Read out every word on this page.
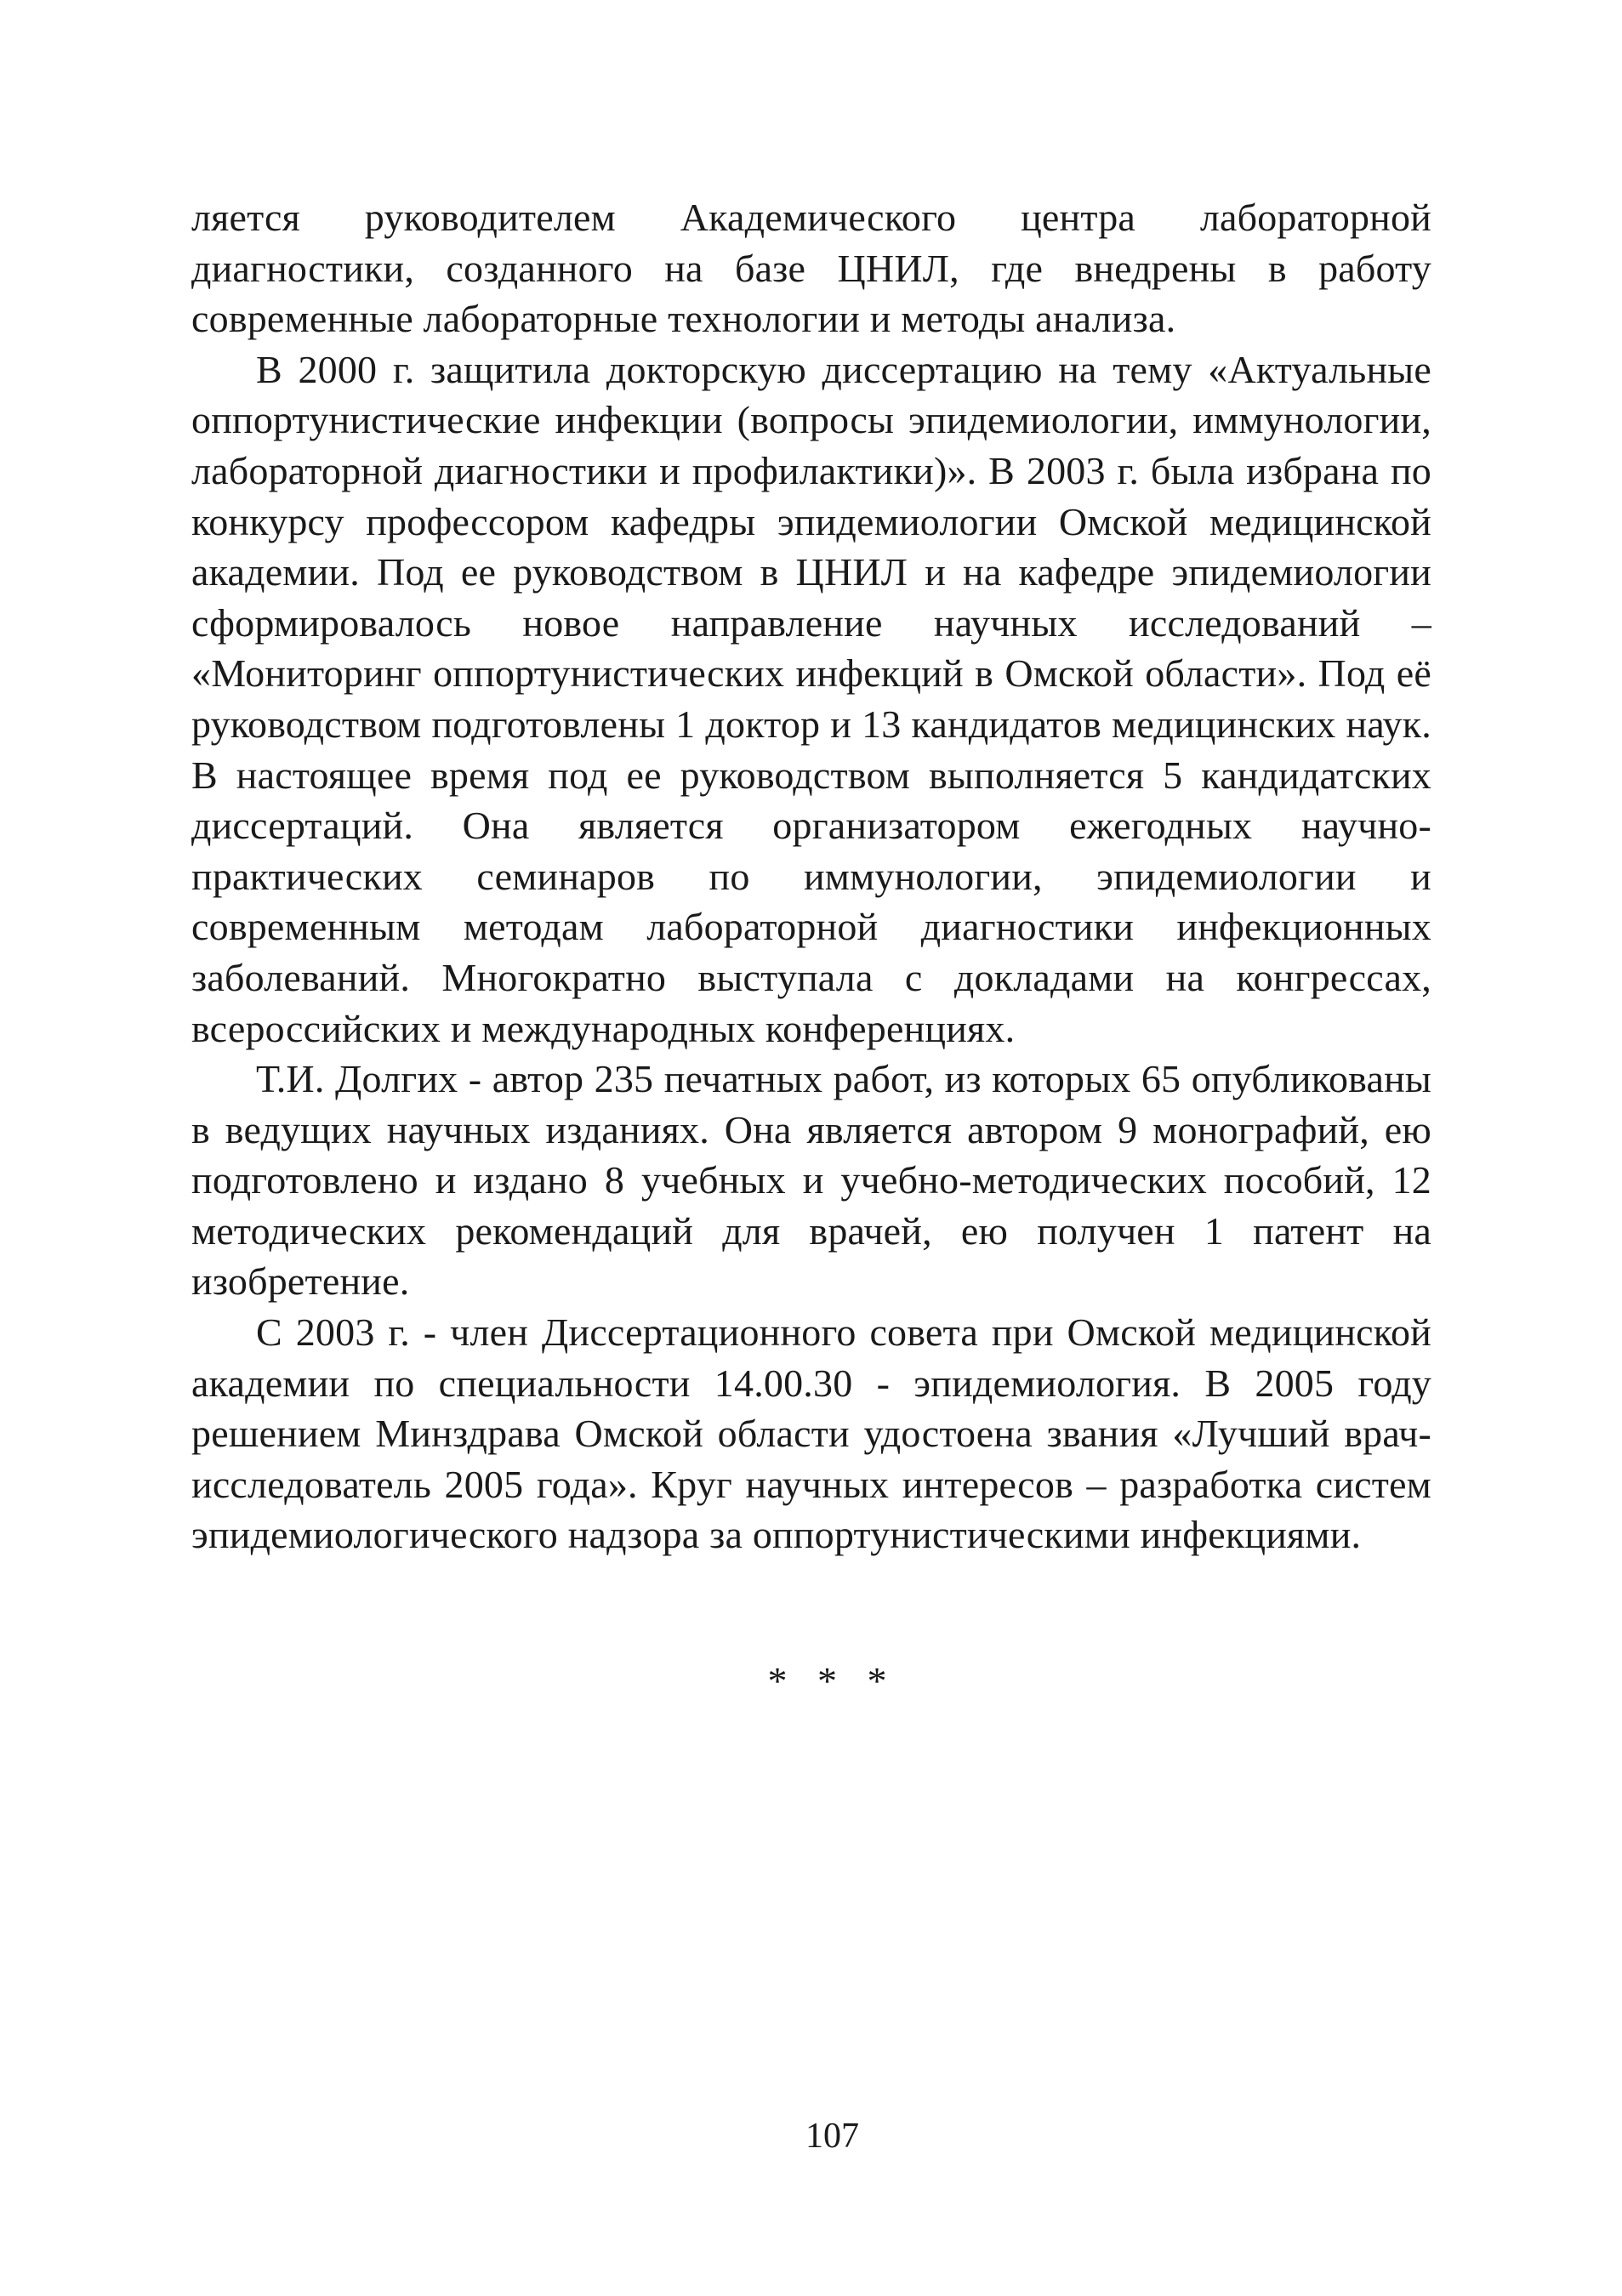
ляется руководителем Академического центра лабораторной диагностики, созданного на базе ЦНИЛ, где внедрены в работу современные лабораторные технологии и методы анализа.

В 2000 г. защитила докторскую диссертацию на тему «Актуальные оппортунистические инфекции (вопросы эпидемиологии, иммунологии, лабораторной диагностики и профилактики)». В 2003 г. была избрана по конкурсу профессором кафедры эпидемиологии Омской медицинской академии. Под ее руководством в ЦНИЛ и на кафедре эпидемиологии сформировалось новое направление научных исследований – «Мониторинг оппортунистических инфекций в Омской области». Под её руководством подготовлены 1 доктор и 13 кандидатов медицинских наук. В настоящее время под ее руководством выполняется 5 кандидатских диссертаций. Она является организатором ежегодных научно-практических семинаров по иммунологии, эпидемиологии и современным методам лабораторной диагностики инфекционных заболеваний. Многократно выступала с докладами на конгрессах, всероссийских и международных конференциях.

Т.И. Долгих - автор 235 печатных работ, из которых 65 опубликованы в ведущих научных изданиях. Она является автором 9 монографий, ею подготовлено и издано 8 учебных и учебно-методических пособий, 12 методических рекомендаций для врачей, ею получен 1 патент на изобретение.

С 2003 г. - член Диссертационного совета при Омской медицинской академии по специальности 14.00.30 - эпидемиология. В 2005 году решением Минздрава Омской области удостоена звания «Лучший врач-исследователь 2005 года». Круг научных интересов – разработка систем эпидемиологического надзора за оппортунистическими инфекциями.

* * *
107
